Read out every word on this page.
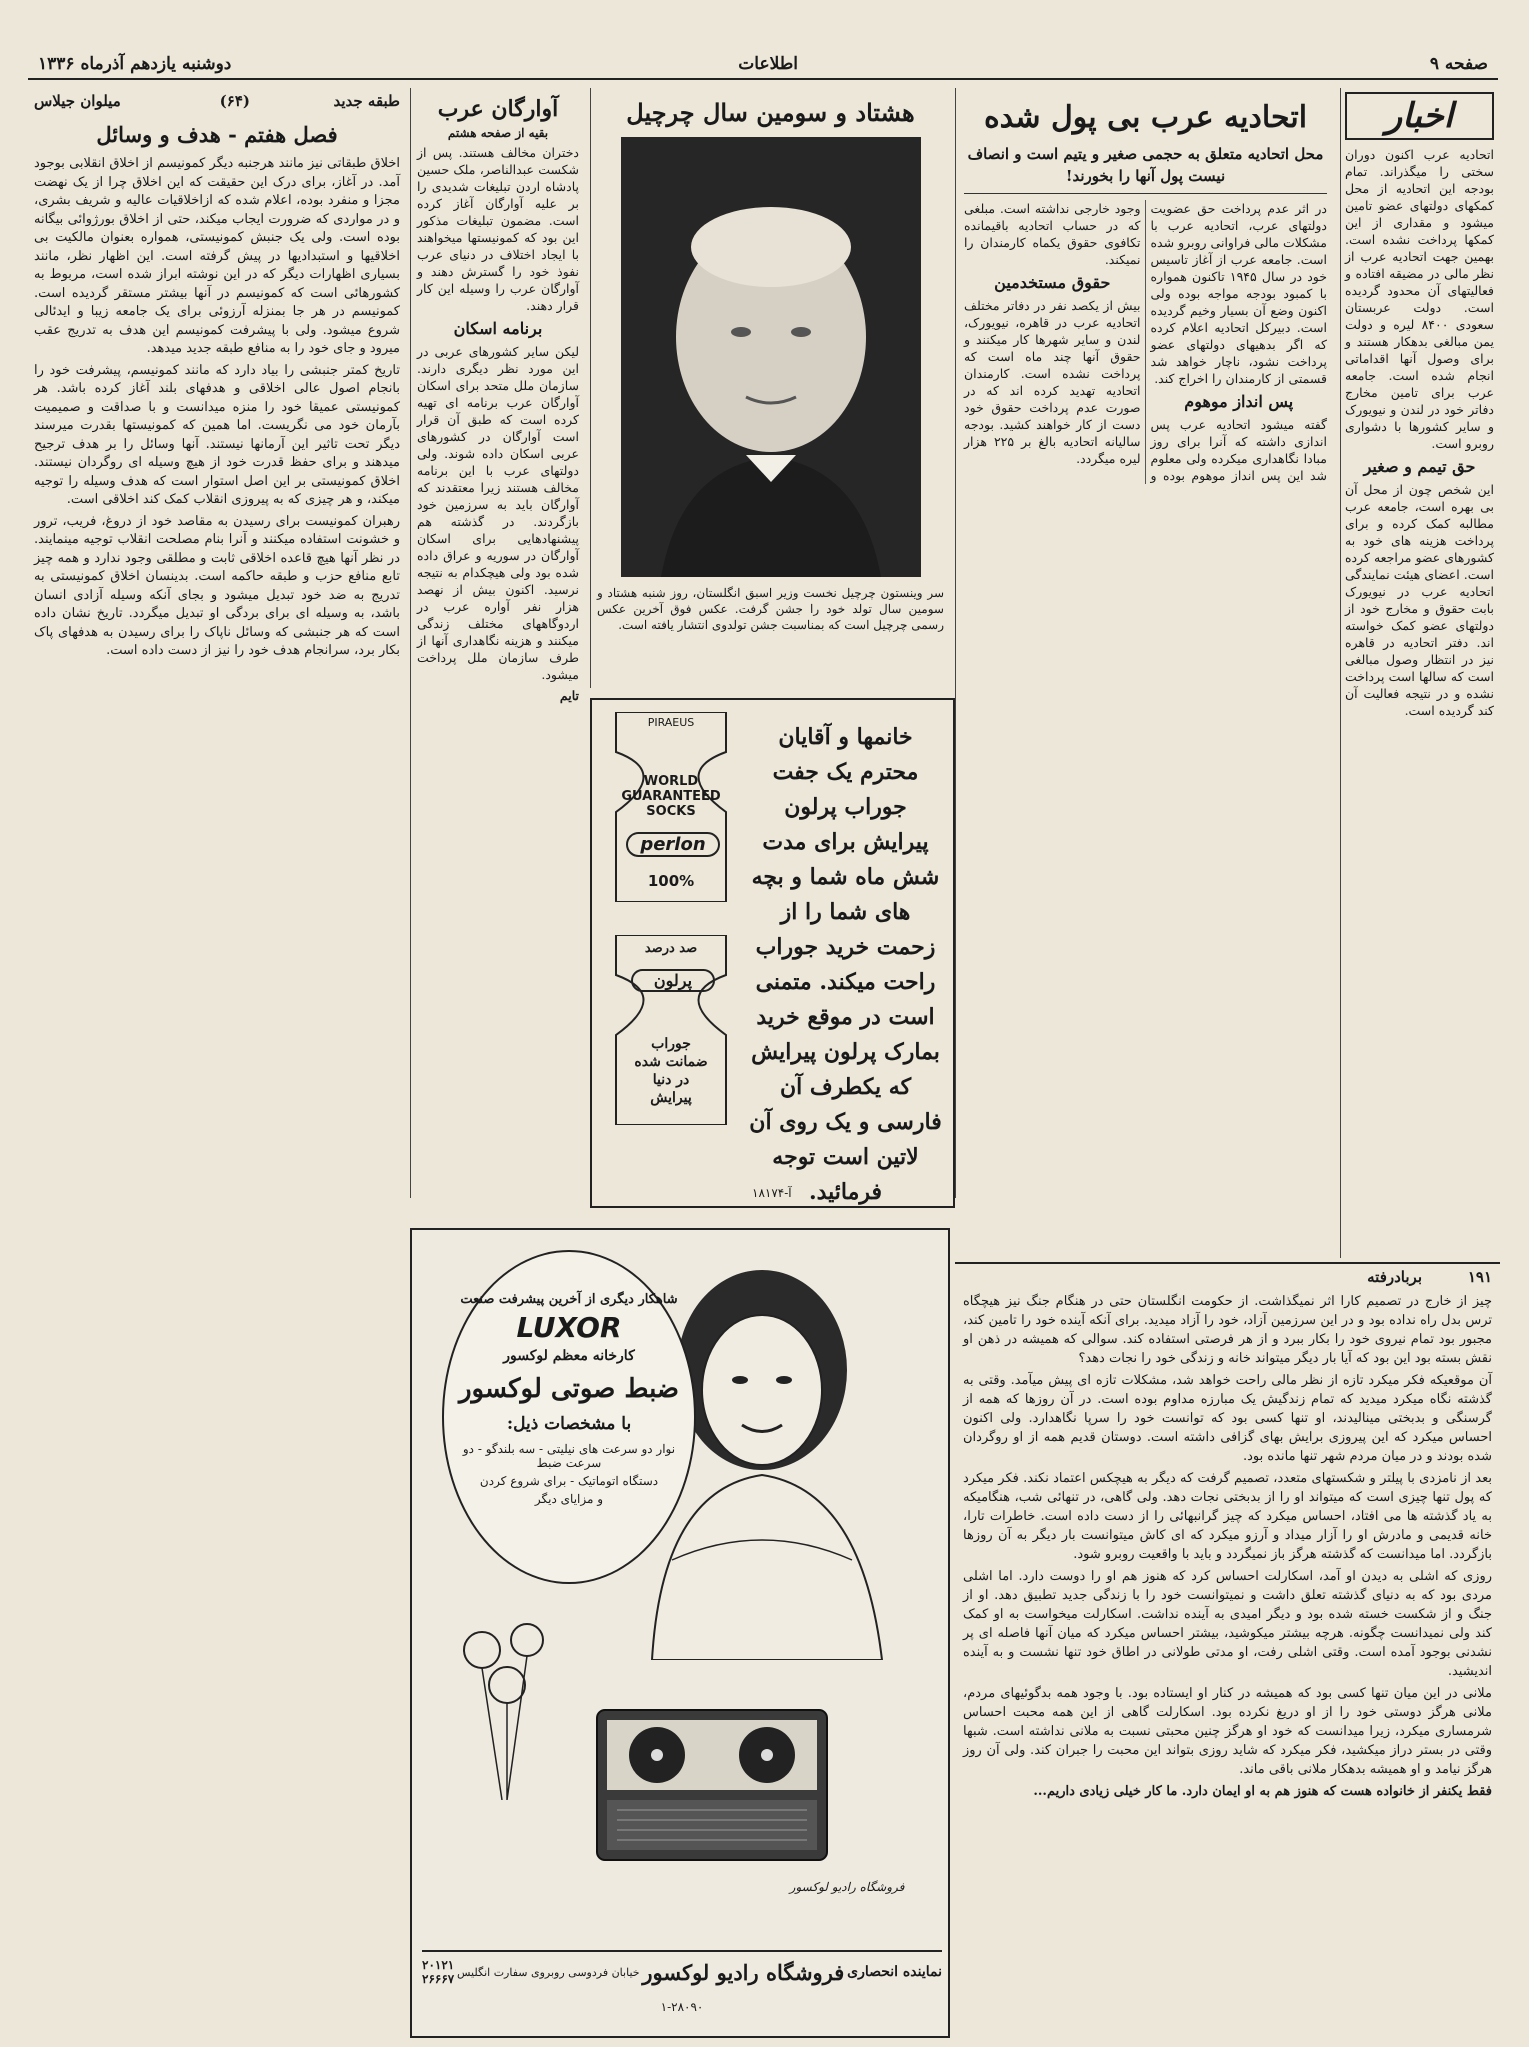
صفحه ۹
اطلاعات
دوشنبه یازدهم آذرماه ۱۳۳۶
اخبار

اتحادیه عرب اکنون دوران سختی را میگذراند. تمام بودجه این اتحادیه از محل کمکهای دولتهای عضو تامین میشود و مقداری از این کمکها پرداخت نشده است. بهمین جهت اتحادیه عرب از نظر مالی در مضیقه افتاده و فعالیتهای آن محدود گردیده است. دولت عربستان سعودی ۸۴۰۰ لیره و دولت یمن مبالغی بدهکار هستند و برای وصول آنها اقداماتی انجام شده است. جامعه عرب برای تامین مخارج دفاتر خود در لندن و نیویورک و سایر کشورها با دشواری روبرو است.

حق تیمم و صغیر

این شخص چون از محل آن بی بهره است، جامعه عرب مطالبه کمک کرده و برای پرداخت هزینه های خود به کشورهای عضو مراجعه کرده است. اعضای هیئت نمایندگی اتحادیه عرب در نیویورک بابت حقوق و مخارج خود از دولتهای عضو کمک خواسته اند. دفتر اتحادیه در قاهره نیز در انتظار وصول مبالغی است که سالها است پرداخت نشده و در نتیجه فعالیت آن کند گردیده است.

اتحادیه عرب بی پول شده
محل اتحادیه متعلق به حجمی صغیر و یتیم است و انصاف نیست پول آنها را بخورند!

در اثر عدم پرداخت حق عضویت دولتهای عرب، اتحادیه عرب با مشکلات مالی فراوانی روبرو شده است. جامعه عرب از آغاز تاسیس خود در سال ۱۹۴۵ تاکنون همواره با کمبود بودجه مواجه بوده ولی اکنون وضع آن بسیار وخیم گردیده است. دبیرکل اتحادیه اعلام کرده که اگر بدهیهای دولتهای عضو پرداخت نشود، ناچار خواهد شد قسمتی از کارمندان را اخراج کند.

پس انداز موهوم

گفته میشود اتحادیه عرب پس اندازی داشته که آنرا برای روز مبادا نگاهداری میکرده ولی معلوم شد این پس انداز موهوم بوده و وجود خارجی نداشته است. مبلغی که در حساب اتحادیه باقیمانده تکافوی حقوق یکماه کارمندان را نمیکند.

حقوق مستخدمین

بیش از یکصد نفر در دفاتر مختلف اتحادیه عرب در قاهره، نیویورک، لندن و سایر شهرها کار میکنند و حقوق آنها چند ماه است که پرداخت نشده است. کارمندان اتحادیه تهدید کرده اند که در صورت عدم پرداخت حقوق خود دست از کار خواهند کشید. بودجه سالیانه اتحادیه بالغ بر ۲۲۵ هزار لیره میگردد.

هشتاد و سومین سال چرچیل
سر وینستون چرچیل نخست وزیر اسبق انگلستان، روز شنبه هشتاد و سومین سال تولد خود را جشن گرفت. عکس فوق آخرین عکس رسمی چرچیل است که بمناسبت جشن تولدوی انتشار یافته است.
آوارگان عرب
بقیه از صفحه هشتم

دختران مخالف هستند. پس از شکست عبدالناصر، ملک حسین پادشاه اردن تبلیغات شدیدی را بر علیه آوارگان آغاز کرده است. مضمون تبلیغات مذکور این بود که کمونیستها میخواهند با ایجاد اختلاف در دنیای عرب نفوذ خود را گسترش دهند و آوارگان عرب را وسیله این کار قرار دهند.

برنامه اسکان

لیکن سایر کشورهای عربی در این مورد نظر دیگری دارند. سازمان ملل متحد برای اسکان آوارگان عرب برنامه ای تهیه کرده است که طبق آن قرار است آوارگان در کشورهای عربی اسکان داده شوند. ولی دولتهای عرب با این برنامه مخالف هستند زیرا معتقدند که آوارگان باید به سرزمین خود بازگردند. در گذشته هم پیشنهادهایی برای اسکان آوارگان در سوریه و عراق داده شده بود ولی هیچکدام به نتیجه نرسید. اکنون بیش از نهصد هزار نفر آواره عرب در اردوگاههای مختلف زندگی میکنند و هزینه نگاهداری آنها از طرف سازمان ملل پرداخت میشود.

تایم
طبقه جدید
(۶۴)
میلوان جیلاس
فصل هفتم - هدف و وسائل

اخلاق طبقاتی نیز مانند هرجنبه دیگر کمونیسم از اخلاق انقلابی بوجود آمد. در آغاز، برای درک این حقیقت که این اخلاق چرا از یک نهضت مجزا و منفرد بوده، اعلام شده که ازاخلاقیات عالیه و شریف بشری، و در مواردی که ضرورت ایجاب میکند، حتی از اخلاق بورژوائی بیگانه بوده است. ولی یک جنبش کمونیستی، همواره بعنوان مالکیت بی اخلاقیها و استبدادیها در پیش گرفته است. این اظهار نظر، مانند بسیاری اظهارات دیگر که در این نوشته ابراز شده است، مربوط به کشورهائی است که کمونیسم در آنها بیشتر مستقر گردیده است. کمونیسم در هر جا بمنزله آرزوئی برای یک جامعه زیبا و ایدئالی شروع میشود. ولی با پیشرفت کمونیسم این هدف به تدریج عقب میرود و جای خود را به منافع طبقه جدید میدهد.

تاریخ کمتر جنبشی را بیاد دارد که مانند کمونیسم، پیشرفت خود را بانجام اصول عالی اخلاقی و هدفهای بلند آغاز کرده باشد. هر کمونیستی عمیقا خود را منزه میدانست و با صداقت و صمیمیت بآرمان خود می نگریست. اما همین که کمونیستها بقدرت میرسند دیگر تحت تاثیر این آرمانها نیستند. آنها وسائل را بر هدف ترجیح میدهند و برای حفظ قدرت خود از هیچ وسیله ای روگردان نیستند. اخلاق کمونیستی بر این اصل استوار است که هدف وسیله را توجیه میکند، و هر چیزی که به پیروزی انقلاب کمک کند اخلاقی است.

رهبران کمونیست برای رسیدن به مقاصد خود از دروغ، فریب، ترور و خشونت استفاده میکنند و آنرا بنام مصلحت انقلاب توجیه مینمایند. در نظر آنها هیچ قاعده اخلاقی ثابت و مطلقی وجود ندارد و همه چیز تابع منافع حزب و طبقه حاکمه است. بدینسان اخلاق کمونیستی به تدریج به ضد خود تبدیل میشود و بجای آنکه وسیله آزادی انسان باشد، به وسیله ای برای بردگی او تبدیل میگردد. تاریخ نشان داده است که هر جنبشی که وسائل ناپاک را برای رسیدن به هدفهای پاک بکار برد، سرانجام هدف خود را نیز از دست داده است.

PIRAEUS
WORLD
GUARANTEED
SOCKS
perlon
100%
صد درصد
پرلون
جوراب
ضمانت شده
در دنیا
پیرایش
خانمها و آقایان محترم یک جفت جوراب پرلون پیرایش برای مدت شش ماه شما و بچه های شما را از زحمت خرید جوراب راحت میکند. متمنی است در موقع خرید بمارک پرلون پیرایش که یکطرف آن فارسی و یک روی آن لاتین است توجه فرمائید.
آ-۱۸۱۷۴
۱۹۱
بربادرفته

چیز از خارج در تصمیم کارا اثر نمیگذاشت. از حکومت انگلستان حتی در هنگام جنگ نیز هیچگاه ترس بدل راه نداده بود و در این سرزمین آزاد، خود را آزاد میدید. برای آنکه آینده خود را تامین کند، مجبور بود تمام نیروی خود را بکار ببرد و از هر فرصتی استفاده کند. سوالی که همیشه در ذهن او نقش بسته بود این بود که آیا بار دیگر میتواند خانه و زندگی خود را نجات دهد؟

آن موقعیکه فکر میکرد تازه از نظر مالی راحت خواهد شد، مشکلات تازه ای پیش میآمد. وقتی به گذشته نگاه میکرد میدید که تمام زندگیش یک مبارزه مداوم بوده است. در آن روزها که همه از گرسنگی و بدبختی مینالیدند، او تنها کسی بود که توانست خود را سرپا نگاهدارد. ولی اکنون احساس میکرد که این پیروزی برایش بهای گزافی داشته است. دوستان قدیم همه از او روگردان شده بودند و در میان مردم شهر تنها مانده بود.

بعد از نامزدی با پیلتر و شکستهای متعدد، تصمیم گرفت که دیگر به هیچکس اعتماد نکند. فکر میکرد که پول تنها چیزی است که میتواند او را از بدبختی نجات دهد. ولی گاهی، در تنهائی شب، هنگامیکه به یاد گذشته ها می افتاد، احساس میکرد که چیز گرانبهائی را از دست داده است. خاطرات تارا، خانه قدیمی و مادرش او را آزار میداد و آرزو میکرد که ای کاش میتوانست بار دیگر به آن روزها بازگردد. اما میدانست که گذشته هرگز باز نمیگردد و باید با واقعیت روبرو شود.

روزی که اشلی به دیدن او آمد، اسکارلت احساس کرد که هنوز هم او را دوست دارد. اما اشلی مردی بود که به دنیای گذشته تعلق داشت و نمیتوانست خود را با زندگی جدید تطبیق دهد. او از جنگ و از شکست خسته شده بود و دیگر امیدی به آینده نداشت. اسکارلت میخواست به او کمک کند ولی نمیدانست چگونه. هرچه بیشتر میکوشید، بیشتر احساس میکرد که میان آنها فاصله ای پر نشدنی بوجود آمده است. وقتی اشلی رفت، او مدتی طولانی در اطاق خود تنها نشست و به آینده اندیشید.

ملانی در این میان تنها کسی بود که همیشه در کنار او ایستاده بود. با وجود همه بدگوئیهای مردم، ملانی هرگز دوستی خود را از او دریغ نکرده بود. اسکارلت گاهی از این همه محبت احساس شرمساری میکرد، زیرا میدانست که خود او هرگز چنین محبتی نسبت به ملانی نداشته است. شبها وقتی در بستر دراز میکشید، فکر میکرد که شاید روزی بتواند این محبت را جبران کند. ولی آن روز هرگز نیامد و او همیشه بدهکار ملانی باقی ماند.

فقط یکنفر از خانواده هست که هنوز هم به او ایمان دارد. ما کار خیلی زیادی داریم...

شاهکار دیگری از آخرین پیشرفت صنعت
LUXOR
کارخانه معظم لوکسور
ضبط صوتی لوکسور
با مشخصات ذیل:
نوار دو سرعت های نیلیتی - سه بلندگو - دو سرعت ضبط
دستگاه اتوماتیک - برای شروع کردن
و مزایای دیگر
فروشگاه رادیو لوکسور
نماینده انحصاری
فروشگاه رادیو لوکسور
خیابان فردوسی روبروی سفارت انگلیس
۲۰۱۲۱
۲۶۶۶۷
۱-۲۸۰۹۰
